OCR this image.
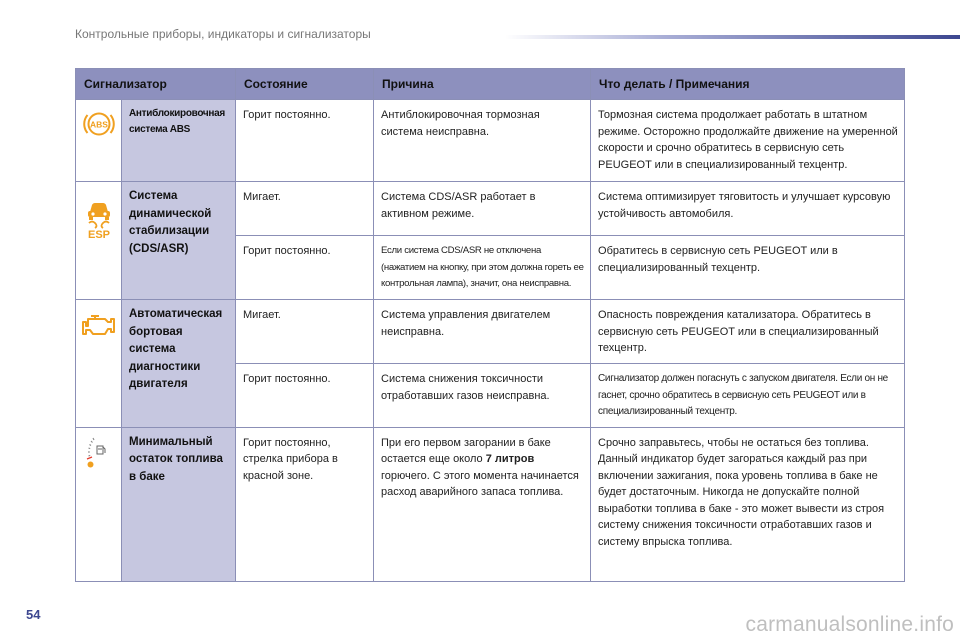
Контрольные приборы, индикаторы и сигнализаторы
Сигнализатор		Состояние	Причина	Что делать / Примечания

ABS	Антиблокировочная система ABS	Горит постоянно.	Антиблокировочная тормозная система неисправна.	Тормозная система продолжает работать в штатном режиме. Осторожно продолжайте движение на умеренной скорости и срочно обратитесь в сервисную сеть PEUGEOT или в специализированный техцентр.

ESP	Система динамической стабилизации (CDS/ASR)	Мигает.	Система CDS/ASR работает в активном режиме.	Система оптимизирует тяговитость и улучшает курсовую устойчивость автомобиля.
		Горит постоянно.	Если система CDS/ASR не отключена (нажатием на кнопку, при этом должна гореть ее контрольная лампа), значит, она неисправна.	Обратитесь в сервисную сеть PEUGEOT или в специализированный техцентр.

	Автоматическая бортовая система диагностики двигателя	Мигает.	Система управления двигателем неисправна.	Опасность повреждения катализатора. Обратитесь в сервисную сеть PEUGEOT или в специализированный техцентр.
		Горит постоянно.	Система снижения токсичности отработавших газов неисправна.	Сигнализатор должен погаснуть с запуском двигателя. Если он не гаснет, срочно обратитесь в сервисную сеть PEUGEOT или в специализированный техцентр.

	Минимальный остаток топлива в баке	Горит постоянно, стрелка прибора в красной зоне.	При его первом загорании в баке остается еще около 7 литров горючего. С этого момента начинается расход аварийного запаса топлива.	Срочно заправьтесь, чтобы не остаться без топлива. Данный индикатор будет загораться каждый раз при включении зажигания, пока уровень топлива в баке не будет достаточным. Никогда не допускайте полной выработки топлива в баке - это может вывести из строя систему снижения токсичности отработавших газов и систему впрыска топлива.
54	carmanualsonline.info
